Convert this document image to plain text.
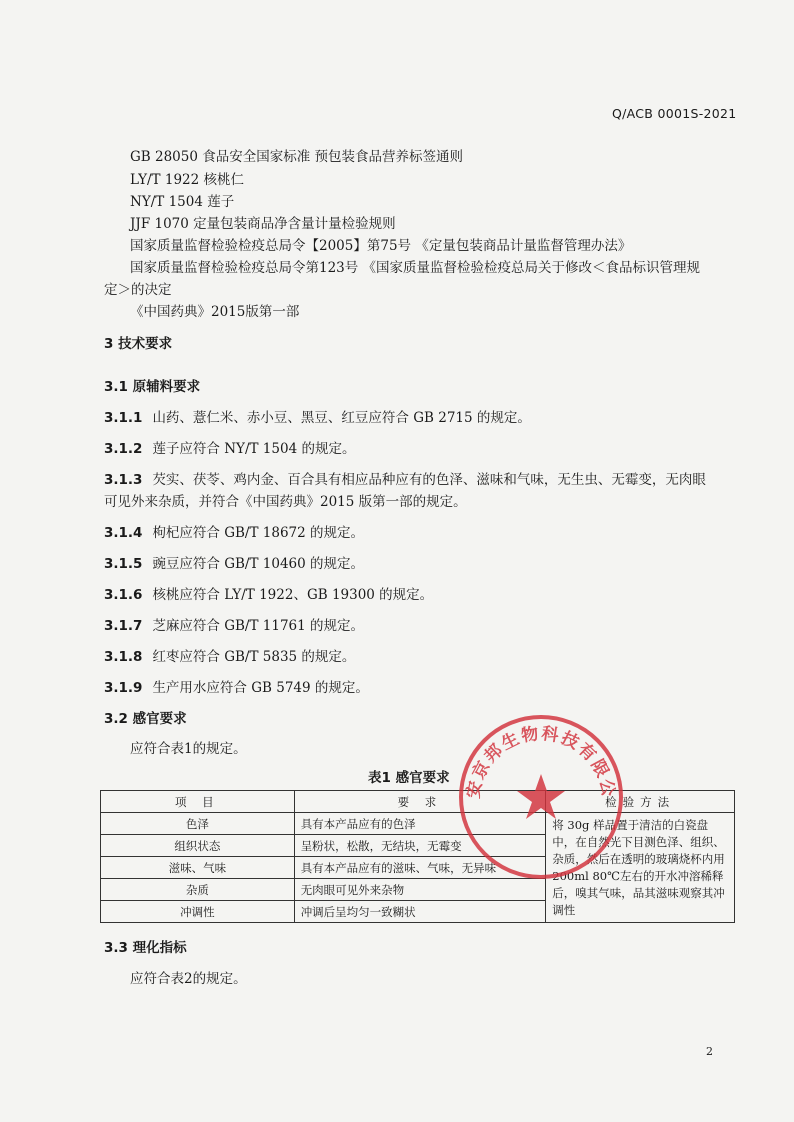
Q/ACB 0001S-2021
GB 28050 食品安全国家标准 预包装食品营养标签通则
LY/T 1922 核桃仁
NY/T 1504 莲子
JJF 1070 定量包装商品净含量计量检验规则
国家质量监督检验检疫总局令【2005】第75号 《定量包装商品计量监督管理办法》
国家质量监督检验检疫总局令第123号 《国家质量监督检验检疫总局关于修改＜食品标识管理规
定＞的决定
《中国药典》2015版第一部
3 技术要求
3.1 原辅料要求
3.1.1 山药、薏仁米、赤小豆、黑豆、红豆应符合 GB 2715 的规定。
3.1.2 莲子应符合 NY/T 1504 的规定。
3.1.3 芡实、茯苓、鸡内金、百合具有相应品种应有的色泽、滋味和气味，无生虫、无霉变，无肉眼
可见外来杂质，并符合《中国药典》2015 版第一部的规定。
3.1.4 枸杞应符合 GB/T 18672 的规定。
3.1.5 豌豆应符合 GB/T 10460 的规定。
3.1.6 核桃应符合 LY/T 1922、GB 19300 的规定。
3.1.7 芝麻应符合 GB/T 11761 的规定。
3.1.8 红枣应符合 GB/T 5835 的规定。
3.1.9 生产用水应符合 GB 5749 的规定。
3.2 感官要求
应符合表1的规定。
表1 感官要求
项 目	要 求	检验方法
色泽	具有本产品应有的色泽	将 30g 样品置于清洁的白瓷盘中，在自然光下目测色泽、组织、杂质，然后在透明的玻璃烧杯内用 200ml 80℃左右的开水冲溶稀释后，嗅其气味，品其滋味观察其冲调性
组织状态	呈粉状，松散，无结块，无霉变	
滋味、气味	具有本产品应有的滋味、气味，无异味	
杂质	无肉眼可见外来杂物	
冲调性	冲调后呈均匀一致糊状	
安京邦生物科技有限公
3.3 理化指标
应符合表2的规定。
2
